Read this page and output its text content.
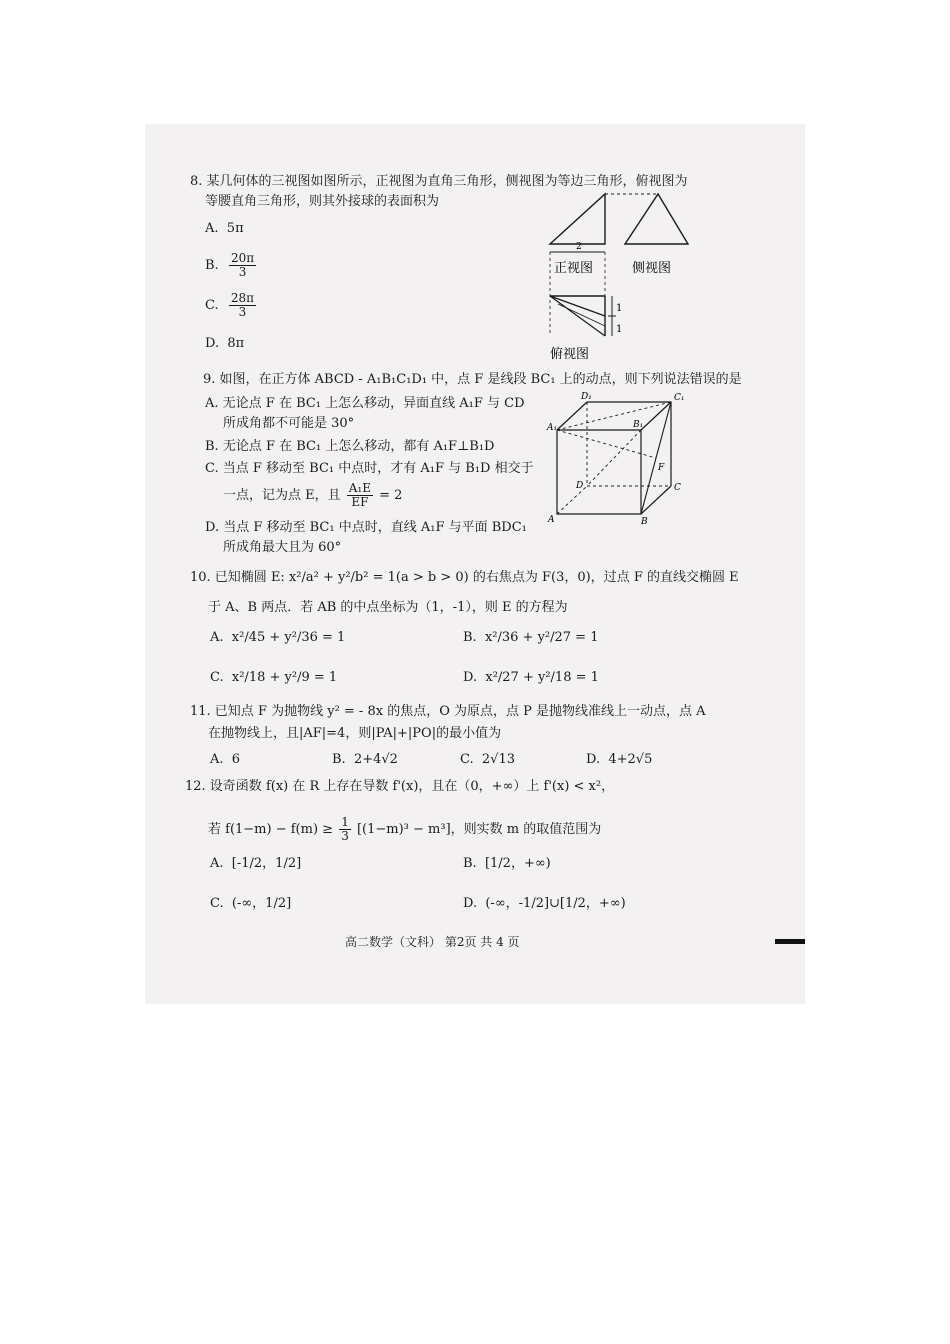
8. 某几何体的三视图如图所示，正视图为直角三角形，侧视图为等边三角形，俯视图为
等腰直角三角形，则其外接球的表面积为
A. 5π
B. $\frac{20\pi}{3}$
C. $\frac{28\pi}{3}$
D. 8π
2
正视图	侧视图
1
1
俯视图
9. 如图，在正方体 ABCD - A₁B₁C₁D₁ 中，点 F 是线段 BC₁ 上的动点，则下列说法错误的是
A. 无论点 F 在 BC₁ 上怎么移动，异面直线 A₁F 与 CD
所成角都不可能是 30°
B. 无论点 F 在 BC₁ 上怎么移动，都有 A₁F⊥B₁D
C. 当点 F 移动至 BC₁ 中点时，才有 A₁F 与 B₁D 相交于
一点，记为点 E，且 $\frac{\text{A₁E}}{EF} = 2$
D. 当点 F 移动至 BC₁ 中点时，直线 A₁F 与平面 BDC₁
所成角最大且为 60°
D₁	C₁
A₁	B₁
D	C
A	B
F
10. 已知椭圆 E: x²/a² + y²/b² = 1(a > b > 0) 的右焦点为 F(3，0)，过点 F 的直线交椭圆 E
于 A、B 两点．若 AB 的中点坐标为（1，-1），则 E 的方程为
A. x²/45 + y²/36 = 1	B. x²/36 + y²/27 = 1
C. x²/18 + y²/9 = 1	D. x²/27 + y²/18 = 1
11. 已知点 F 为抛物线 y² = - 8x 的焦点，O 为原点，点 P 是抛物线准线上一动点，点 A
在抛物线上，且|AF|=4，则|PA|+|PO|的最小值为
A. 6	B. 2+4√2	C. 2√13	D. 4+2√5
12. 设奇函数 f(x) 在 R 上存在导数 f'(x)，且在（0，+∞）上 f'(x) < x²，
若 $f(1-m) - f(m) \ge \frac{1}{3} [(1-m)^3 - m^3]$，则实数 m 的取值范围为
A. [-1/2，1/2]	B. [1/2，+∞)
C. (-∞，1/2]	D. (-∞，-1/2]∪[1/2，+∞)
高二数学（文科） 第2页 共 4 页
